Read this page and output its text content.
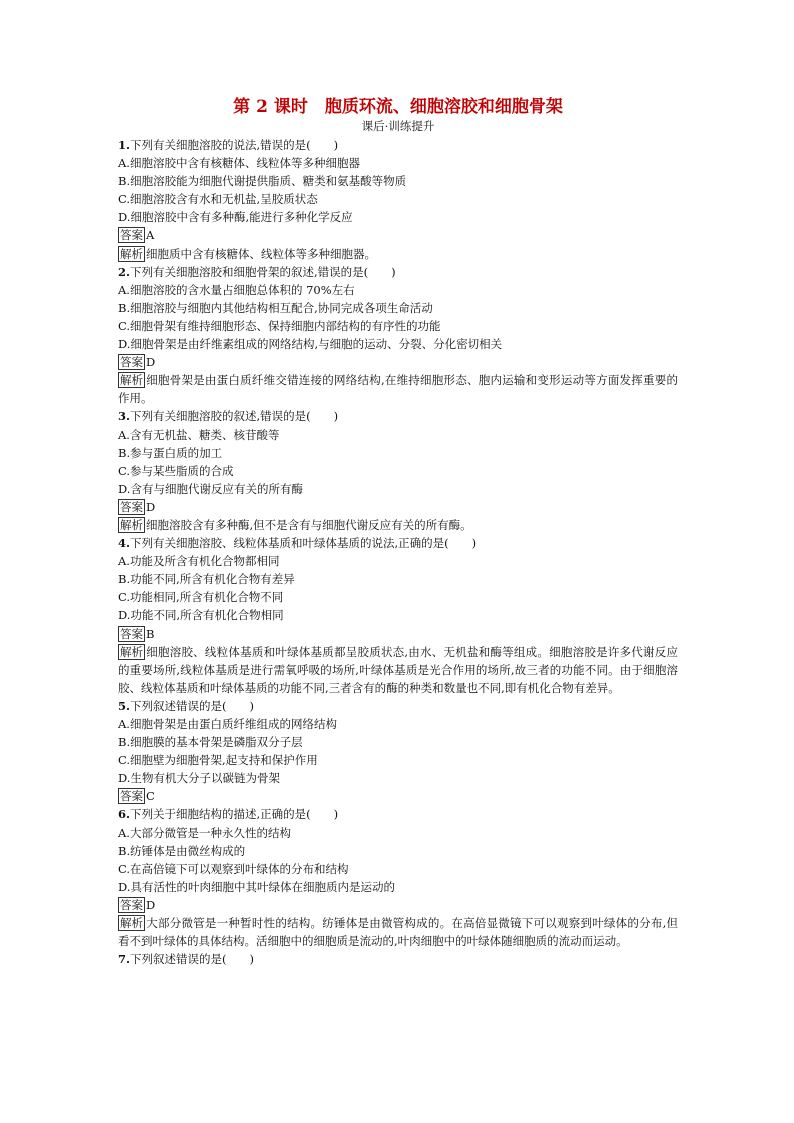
第 2 课时　胞质环流、细胞溶胶和细胞骨架
课后·训练提升
1.下列有关细胞溶胶的说法,错误的是(　　)
A.细胞溶胶中含有核糖体、线粒体等多种细胞器
B.细胞溶胶能为细胞代谢提供脂质、糖类和氨基酸等物质
C.细胞溶胶含有水和无机盐,呈胶质状态
D.细胞溶胶中含有多种酶,能进行多种化学反应
答案 A
解析 细胞质中含有核糖体、线粒体等多种细胞器。
2.下列有关细胞溶胶和细胞骨架的叙述,错误的是(　　)
A.细胞溶胶的含水量占细胞总体积的 70%左右
B.细胞溶胶与细胞内其他结构相互配合,协同完成各项生命活动
C.细胞骨架有维持细胞形态、保持细胞内部结构的有序性的功能
D.细胞骨架是由纤维素组成的网络结构,与细胞的运动、分裂、分化密切相关
答案 D
解析 细胞骨架是由蛋白质纤维交错连接的网络结构,在维持细胞形态、胞内运输和变形运动等方面发挥重要的作用。
3.下列有关细胞溶胶的叙述,错误的是(　　)
A.含有无机盐、糖类、核苷酸等
B.参与蛋白质的加工
C.参与某些脂质的合成
D.含有与细胞代谢反应有关的所有酶
答案 D
解析 细胞溶胶含有多种酶,但不是含有与细胞代谢反应有关的所有酶。
4.下列有关细胞溶胶、线粒体基质和叶绿体基质的说法,正确的是(　　)
A.功能及所含有机化合物都相同
B.功能不同,所含有机化合物有差异
C.功能相同,所含有机化合物不同
D.功能不同,所含有机化合物相同
答案 B
解析 细胞溶胶、线粒体基质和叶绿体基质都呈胶质状态,由水、无机盐和酶等组成。细胞溶胶是许多代谢反应的重要场所,线粒体基质是进行需氧呼吸的场所,叶绿体基质是光合作用的场所,故三者的功能不同。由于细胞溶胶、线粒体基质和叶绿体基质的功能不同,三者含有的酶的种类和数量也不同,即有机化合物有差异。
5.下列叙述错误的是(　　)
A.细胞骨架是由蛋白质纤维组成的网络结构
B.细胞膜的基本骨架是磷脂双分子层
C.细胞壁为细胞骨架,起支持和保护作用
D.生物有机大分子以碳链为骨架
答案 C
6.下列关于细胞结构的描述,正确的是(　　)
A.大部分微管是一种永久性的结构
B.纺锤体是由微丝构成的
C.在高倍镜下可以观察到叶绿体的分布和结构
D.具有活性的叶肉细胞中其叶绿体在细胞质内是运动的
答案 D
解析 大部分微管是一种暂时性的结构。纺锤体是由微管构成的。在高倍显微镜下可以观察到叶绿体的分布,但看不到叶绿体的具体结构。活细胞中的细胞质是流动的,叶肉细胞中的叶绿体随细胞质的流动而运动。
7.下列叙述错误的是(　　)
